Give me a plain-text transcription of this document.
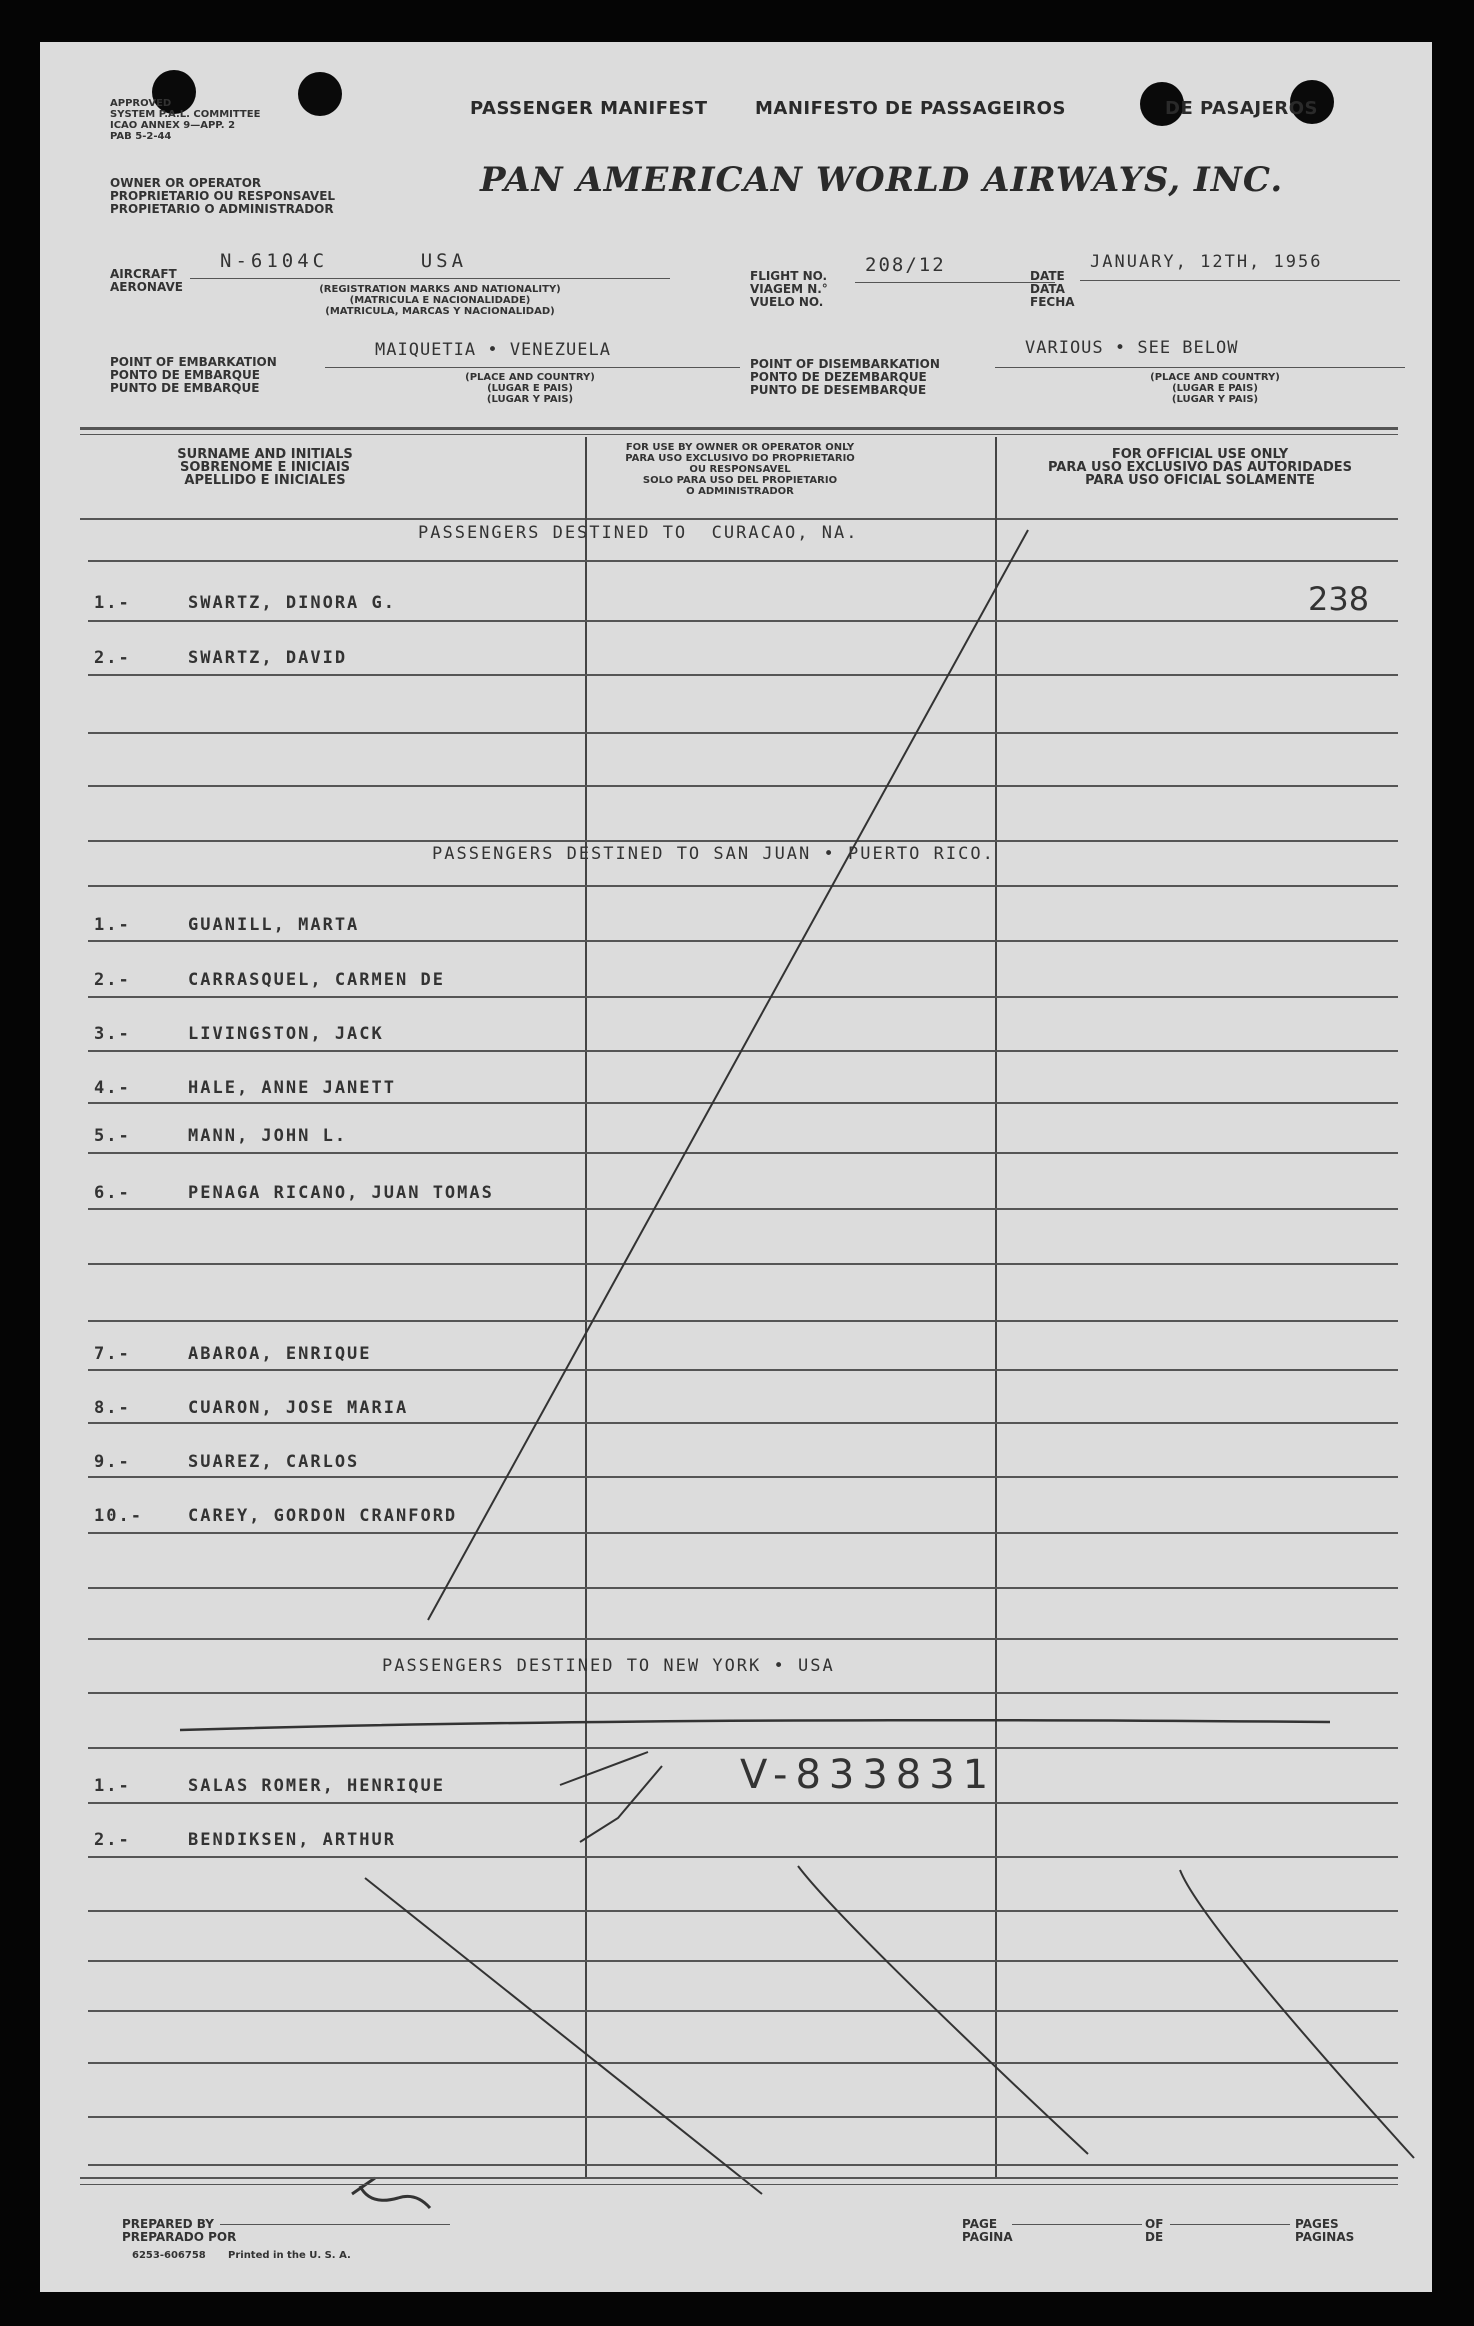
APPROVED
SYSTEM P.A.L. COMMITTEE
ICAO ANNEX 9—APP. 2
PAB 5-2-44
PASSENGER MANIFEST	MANIFESTO DE PASSAGEIROS	DE PASAJEROS
OWNER OR OPERATOR
PROPRIETARIO OU RESPONSAVEL
PROPIETARIO O ADMINISTRADOR
PAN AMERICAN WORLD AIRWAYS, INC.
AIRCRAFT
AERONAVE
N-6104C      USA
(REGISTRATION MARKS AND NATIONALITY)
(MATRICULA E NACIONALIDADE)
(MATRICULA, MARCAS Y NACIONALIDAD)
FLIGHT NO.
VIAGEM N.°
VUELO NO.
208/12	DATE
DATA
FECHA
JANUARY, 12TH, 1956
POINT OF EMBARKATION
PONTO DE EMBARQUE
PUNTO DE EMBARQUE
MAIQUETIA • VENEZUELA
(PLACE AND COUNTRY)
(LUGAR E PAIS)
(LUGAR Y PAIS)
POINT OF DISEMBARKATION
PONTO DE DEZEMBARQUE
PUNTO DE DESEMBARQUE
VARIOUS • SEE BELOW
(PLACE AND COUNTRY)
(LUGAR E PAIS)
(LUGAR Y PAIS)
SURNAME AND INITIALS
SOBRENOME E INICIAIS
APELLIDO E INICIALES
FOR USE BY OWNER OR OPERATOR ONLY
PARA USO EXCLUSIVO DO PROPRIETARIO
OU RESPONSAVEL
SOLO PARA USO DEL PROPIETARIO
O ADMINISTRADOR
FOR OFFICIAL USE ONLY
PARA USO EXCLUSIVO DAS AUTORIDADES
PARA USO OFICIAL SOLAMENTE
PASSENGERS DESTINED TO  CURACAO, NA.
1.-	SWARTZ, DINORA G.
2.-	SWARTZ, DAVID
238
PASSENGERS DESTINED TO SAN JUAN • PUERTO RICO.
1.-	GUANILL, MARTA
2.-	CARRASQUEL, CARMEN DE
3.-	LIVINGSTON, JACK
4.-	HALE, ANNE JANETT
5.-	MANN, JOHN L.
6.-	PENAGA RICANO, JUAN TOMAS
7.-	ABAROA, ENRIQUE
8.-	CUARON, JOSE MARIA
9.-	SUAREZ, CARLOS
10.-	CAREY, GORDON CRANFORD
PASSENGERS DESTINED TO NEW YORK • USA
1.-	SALAS ROMER, HENRIQUE
2.-	BENDIKSEN, ARTHUR
V-833831
PREPARED BY
PREPARADO POR
6253-606758 Printed in the U. S. A.
PAGE
PAGINA
OF
DE
PAGES
PAGINAS
